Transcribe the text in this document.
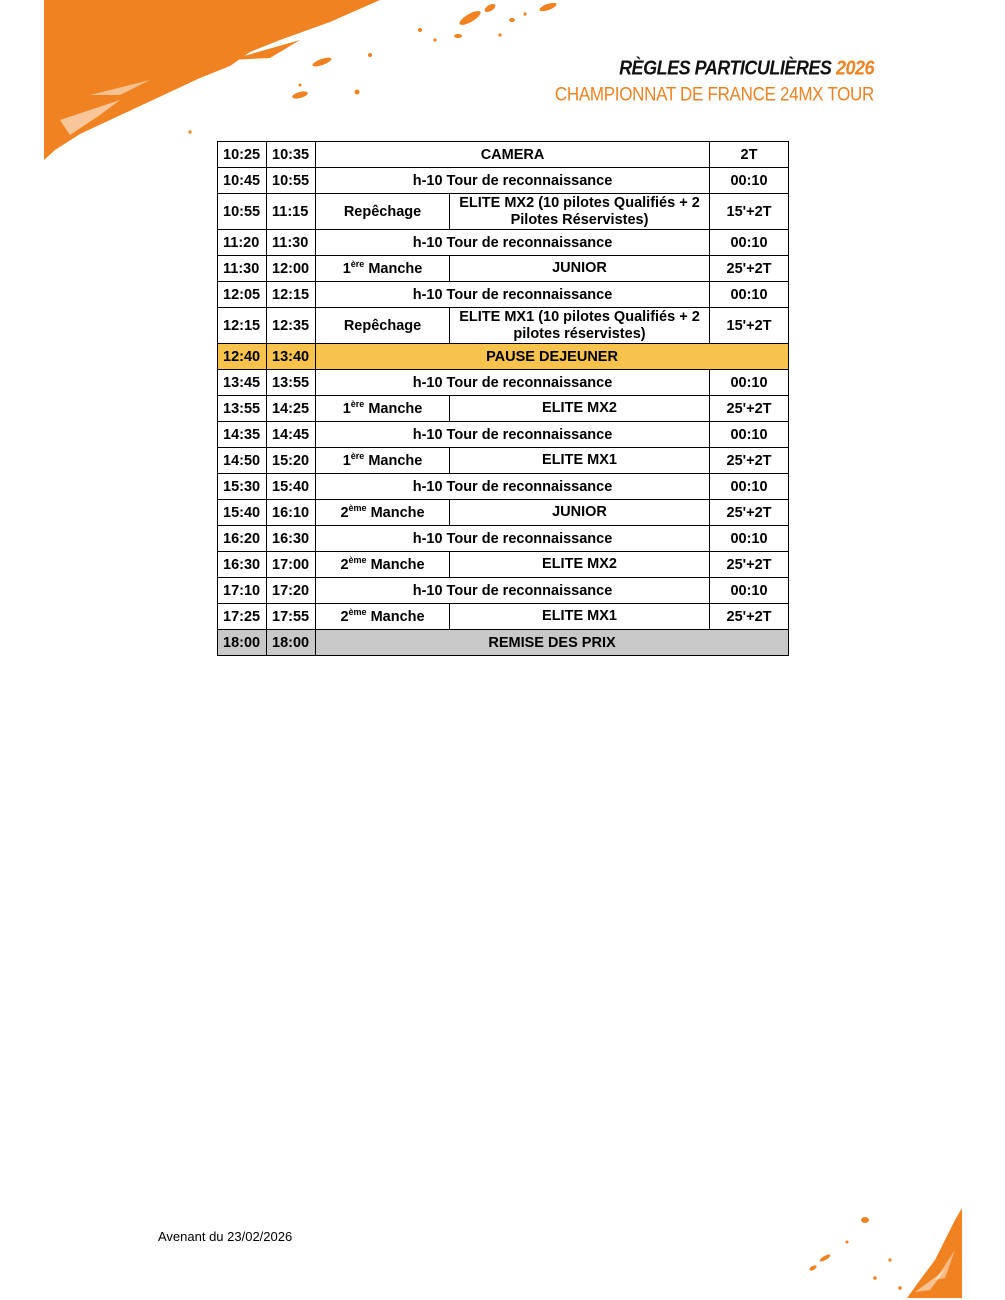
RÈGLES PARTICULIÈRES 2026
CHAMPIONNAT DE FRANCE 24MX TOUR
10:25	10:35	CAMERA		2T
10:45	10:55	h-10 Tour de reconnaissance		00:10
10:55	11:15	Repêchage	ELITE MX2 (10 pilotes Qualifiés + 2 Pilotes Réservistes)	15'+2T
11:20	11:30	h-10 Tour de reconnaissance		00:10
11:30	12:00	1ère Manche	JUNIOR	25'+2T
12:05	12:15	h-10 Tour de reconnaissance		00:10
12:15	12:35	Repêchage	ELITE MX1 (10 pilotes Qualifiés + 2 pilotes réservistes)	15'+2T
12:40	13:40	PAUSE DEJEUNER		
13:45	13:55	h-10 Tour de reconnaissance		00:10
13:55	14:25	1ère Manche	ELITE MX2	25'+2T
14:35	14:45	h-10 Tour de reconnaissance		00:10
14:50	15:20	1ère Manche	ELITE MX1	25'+2T
15:30	15:40	h-10 Tour de reconnaissance		00:10
15:40	16:10	2ème Manche	JUNIOR	25'+2T
16:20	16:30	h-10 Tour de reconnaissance		00:10
16:30	17:00	2ème Manche	ELITE MX2	25'+2T
17:10	17:20	h-10 Tour de reconnaissance		00:10
17:25	17:55	2ème Manche	ELITE MX1	25'+2T
18:00	18:00	REMISE DES PRIX		
Avenant du 23/02/2026
